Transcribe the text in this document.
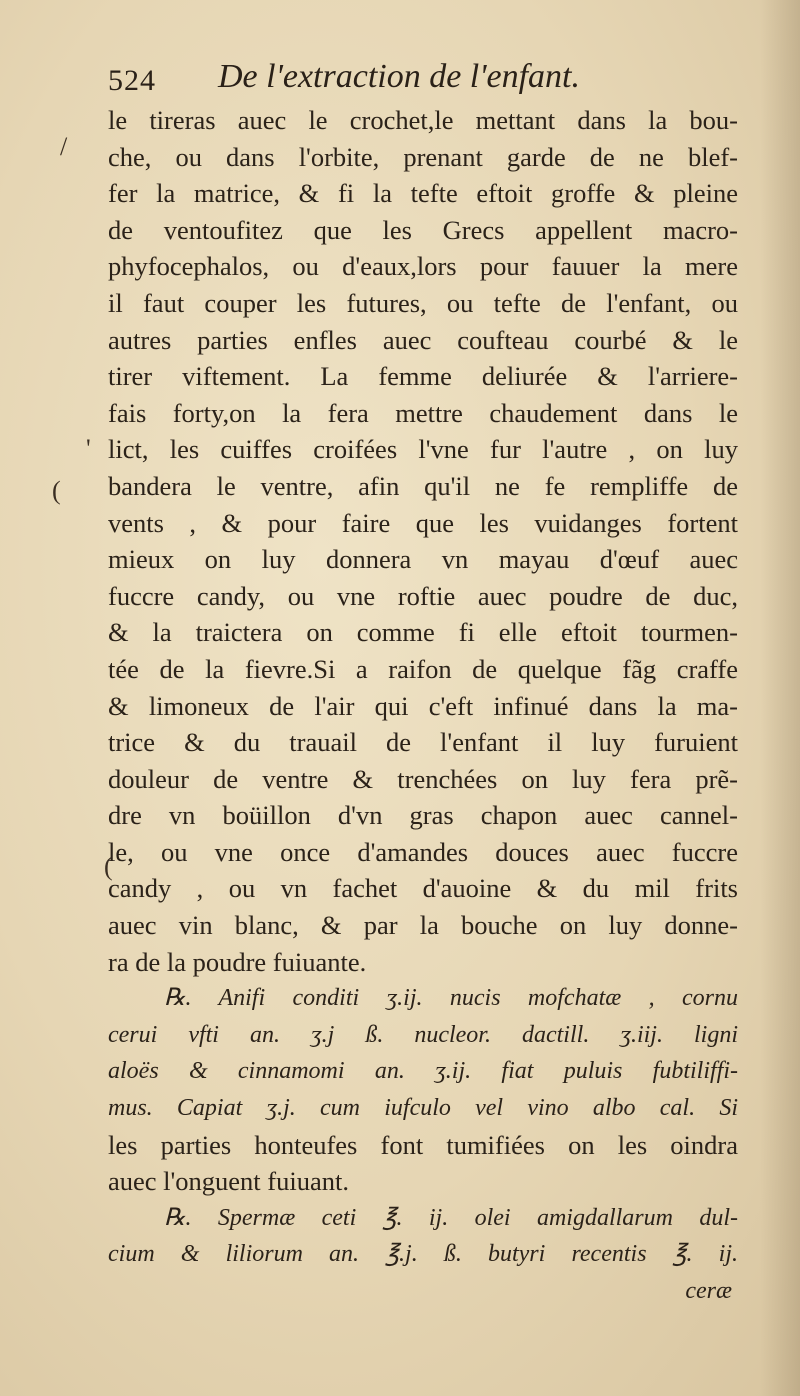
524 De l'extraction de l'enfant.
/
(
(
'
le tireras auec le crochet,le mettant dans la bou-
che, ou dans l'orbite, prenant garde de ne blef-
fer la matrice, & fi la tefte eftoit groffe & pleine
de ventoufitez que les Grecs appellent macro-
phyfocephalos, ou d'eaux,lors pour fauuer la mere
il faut couper les futures, ou tefte de l'enfant, ou
autres parties enfles auec coufteau courbé & le
tirer viftement. La femme deliurée & l'arriere-
fais forty,on la fera mettre chaudement dans le
lict, les cuiffes croifées l'vne fur l'autre , on luy
bandera le ventre, afin qu'il ne fe rempliffe de
vents , & pour faire que les vuidanges fortent
mieux on luy donnera vn mayau d'œuf auec
fuccre candy, ou vne roftie auec poudre de duc,
& la traictera on comme fi elle eftoit tourmen-
tée de la fievre.Si a raifon de quelque fãg craffe
& limoneux de l'air qui c'eft infinué dans la ma-
trice & du trauail de l'enfant il luy furuient
douleur de ventre & trenchées on luy fera prẽ-
dre vn boüillon d'vn gras chapon auec cannel-
le, ou vne once d'amandes douces auec fuccre
candy , ou vn fachet d'auoine & du mil frits
auec vin blanc, & par la bouche on luy donne-
ra de la poudre fuiuante.
℞. Anifi conditi ʒ.ij. nucis mofchatæ , cornu
cerui vfti an. ʒ.j ß. nucleor. dactill. ʒ.iij. ligni
aloës & cinnamomi an. ʒ.ij. fiat puluis fubtiliffi-
mus. Capiat ʒ.j. cum iufculo vel vino albo cal. Si
les parties honteufes font tumifiées on les oindra
auec l'onguent fuiuant.
℞. Spermæ ceti ℥. ij. olei amigdallarum dul-
cium & liliorum an. ℥.j. ß. butyri recentis ℥. ij.
ceræ
